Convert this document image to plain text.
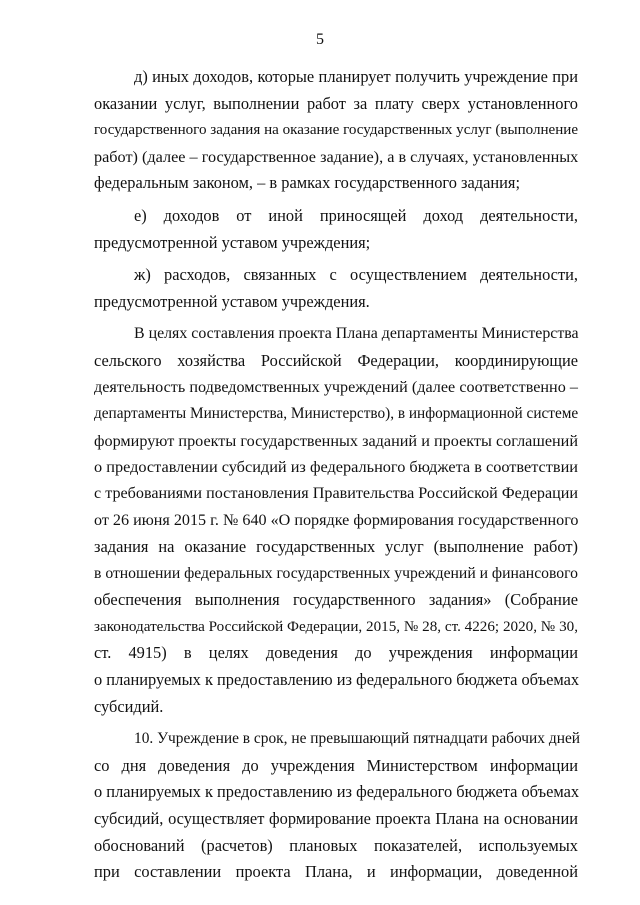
5
д) иных доходов, которые планирует получить учреждение при
оказании услуг, выполнении работ за плату сверх установленного
государственного задания на оказание государственных услуг (выполнение
работ) (далее – государственное задание), а в случаях, установленных
федеральным законом, – в рамках государственного задания;
е) доходов от иной приносящей доход деятельности,
предусмотренной уставом учреждения;
ж) расходов, связанных с осуществлением деятельности,
предусмотренной уставом учреждения.
В целях составления проекта Плана департаменты Министерства
сельского хозяйства Российской Федерации, координирующие
деятельность подведомственных учреждений (далее соответственно –
департаменты Министерства, Министерство), в информационной системе
формируют проекты государственных заданий и проекты соглашений
о предоставлении субсидий из федерального бюджета в соответствии
с требованиями постановления Правительства Российской Федерации
от 26 июня 2015 г. № 640 «О порядке формирования государственного
задания на оказание государственных услуг (выполнение работ)
в отношении федеральных государственных учреждений и финансового
обеспечения выполнения государственного задания» (Собрание
законодательства Российской Федерации, 2015, № 28, ст. 4226; 2020, № 30,
ст. 4915) в целях доведения до учреждения информации
о планируемых к предоставлению из федерального бюджета объемах
субсидий.
10. Учреждение в срок, не превышающий пятнадцати рабочих дней
со дня доведения до учреждения Министерством информации
о планируемых к предоставлению из федерального бюджета объемах
субсидий, осуществляет формирование проекта Плана на основании
обоснований (расчетов) плановых показателей, используемых
при составлении проекта Плана, и информации, доведенной
